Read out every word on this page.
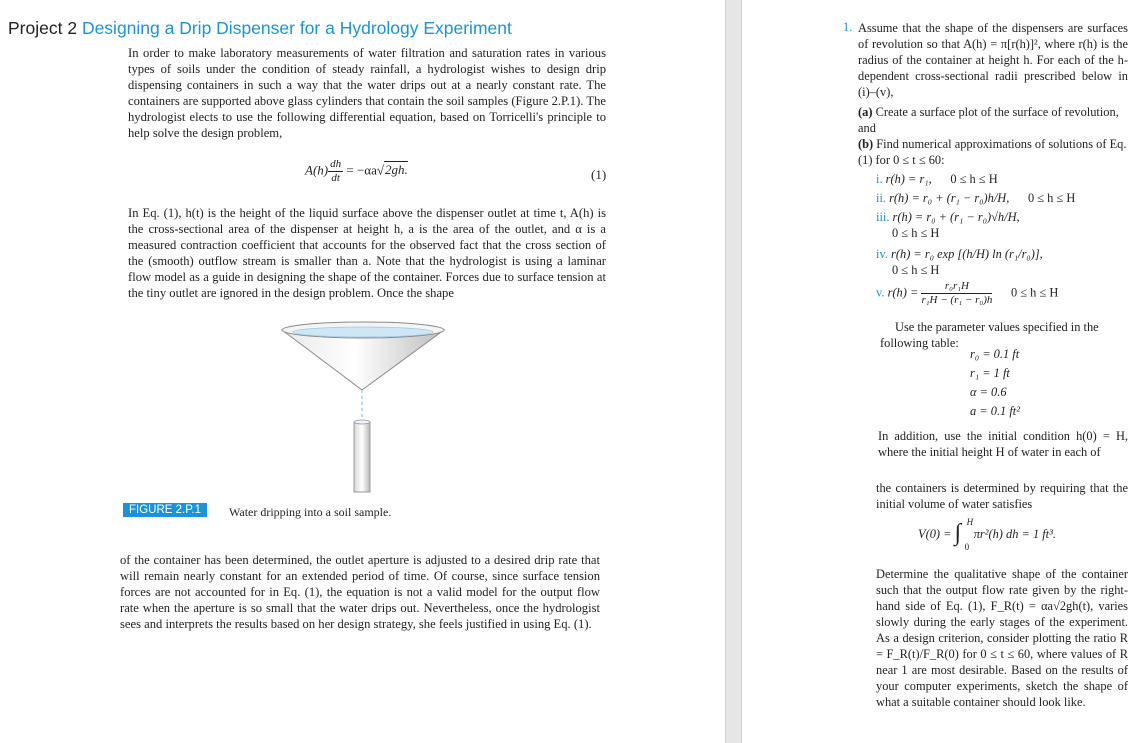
Project 2 Designing a Drip Dispenser for a Hydrology Experiment

In order to make laboratory measurements of water filtration and saturation rates in various types of soils under the condition of steady rainfall, a hydrologist wishes to design drip dispensing containers in such a way that the water drips out at a nearly constant rate. The containers are supported above glass cylinders that contain the soil samples (Figure 2.P.1). The hydrologist elects to use the following differential equation, based on Torricelli's principle to help solve the design problem,

$A(h) \frac{dh}{dt} = -\alpha a√2gh$.	(1)

In Eq. (1), h(t) is the height of the liquid surface above the dispenser outlet at time t, A(h) is the cross-sectional area of the dispenser at height h, a is the area of the outlet, and α is a measured contraction coefficient that accounts for the observed fact that the cross section of the (smooth) outflow stream is smaller than a. Note that the hydrologist is using a laminar flow model as a guide in designing the shape of the container. Forces due to surface tension at the tiny outlet are ignored in the design problem. Once the shape

FIGURE 2.P.1	Water dripping into a soil sample.

of the container has been determined, the outlet aperture is adjusted to a desired drip rate that will remain nearly constant for an extended period of time. Of course, since surface tension forces are not accounted for in Eq. (1), the equation is not a valid model for the output flow rate when the aperture is so small that the water drips out. Nevertheless, once the hydrologist sees and interprets the results based on her design strategy, she feels justified in using Eq. (1).

1. Assume that the shape of the dispensers are surfaces of revolution so that A(h) = π[r(h)]², where r(h) is the radius of the container at height h. For each of the h-dependent cross-sectional radii prescribed below in (i)–(v),

(a) Create a surface plot of the surface of revolution, and

(b) Find numerical approximations of solutions of Eq. (1) for 0 ≤ t ≤ 60:

i. r(h) = r₁, 0 ≤ h ≤ H

ii. r(h) = r₀ + (r₁ − r₀)h/H, 0 ≤ h ≤ H

iii. r(h) = r₀ + (r₁ − r₀)√h/H,

0 ≤ h ≤ H

iv. r(h) = r₀ exp [(h/H) ln (r₁/r₀)],

0 ≤ h ≤ H

v. $r(h) = \frac{\text{r₀r₁H}}{\text{r₁H − (r₁ − r₀)h}} 0 \le h \le H$

Use the parameter values specified in the following table:

r₀ = 0.1 ft
r₁ = 1 ft
α = 0.6
a = 0.1 ft²

In addition, use the initial condition h(0) = H, where the initial height H of water in each of

the containers is determined by requiring that the initial volume of water satisfies

V(0) = ∫ H
0
πr²(h) dh = 1 ft³.

Determine the qualitative shape of the container such that the output flow rate given by the right-hand side of Eq. (1), F_R(t) = αa√2gh(t), varies slowly during the early stages of the experiment. As a design criterion, consider plotting the ratio R = F_R(t)/F_R(0) for 0 ≤ t ≤ 60, where values of R near 1 are most desirable. Based on the results of your computer experiments, sketch the shape of what a suitable container should look like.
